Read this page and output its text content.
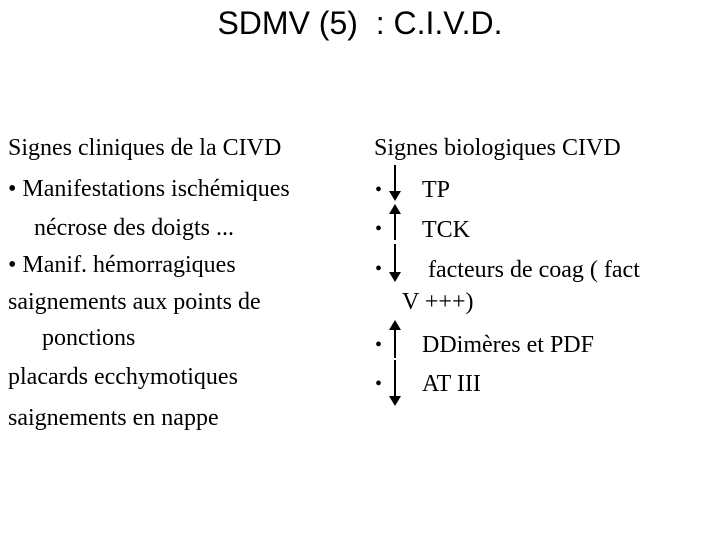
SDMV (5)  : C.I.V.D.
Signes cliniques de la CIVD
• Manifestations ischémiques
nécrose des doigts ...
• Manif. hémorragiques
saignements aux points de
ponctions
placards ecchymotiques
saignements en nappe
Signes biologiques CIVD
• TP
• TCK
• facteurs de coag ( fact
V +++)
• DDimères et PDF
• AT III
